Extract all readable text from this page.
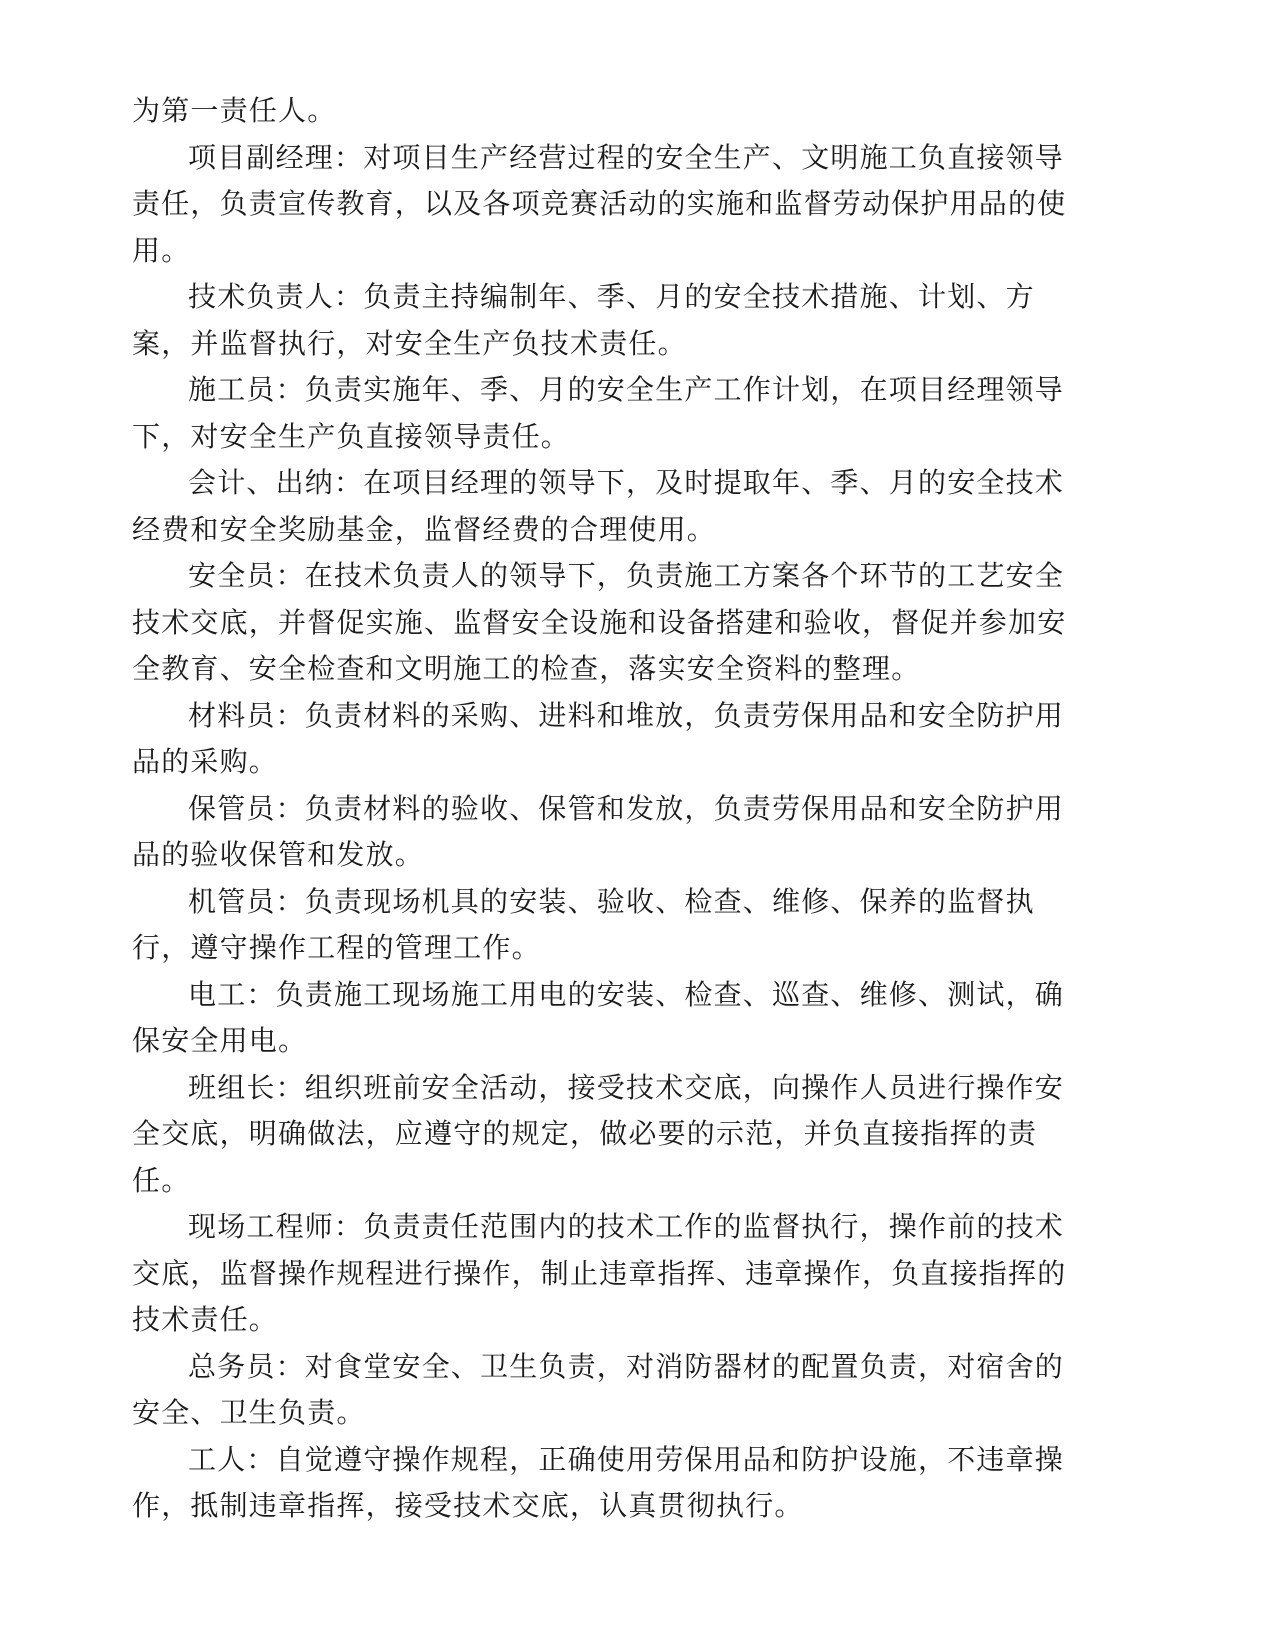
为第一责任人。

项目副经理：对项目生产经营过程的安全生产、文明施工负直接领导责任，负责宣传教育，以及各项竞赛活动的实施和监督劳动保护用品的使用。

技术负责人：负责主持编制年、季、月的安全技术措施、计划、方案，并监督执行，对安全生产负技术责任。

施工员：负责实施年、季、月的安全生产工作计划，在项目经理领导下，对安全生产负直接领导责任。

会计、出纳：在项目经理的领导下，及时提取年、季、月的安全技术经费和安全奖励基金，监督经费的合理使用。

安全员：在技术负责人的领导下，负责施工方案各个环节的工艺安全技术交底，并督促实施、监督安全设施和设备搭建和验收，督促并参加安全教育、安全检查和文明施工的检查，落实安全资料的整理。

材料员：负责材料的采购、进料和堆放，负责劳保用品和安全防护用品的采购。

保管员：负责材料的验收、保管和发放，负责劳保用品和安全防护用品的验收保管和发放。

机管员：负责现场机具的安装、验收、检查、维修、保养的监督执行，遵守操作工程的管理工作。

电工：负责施工现场施工用电的安装、检查、巡查、维修、测试，确保安全用电。

班组长：组织班前安全活动，接受技术交底，向操作人员进行操作安全交底，明确做法，应遵守的规定，做必要的示范，并负直接指挥的责任。

现场工程师：负责责任范围内的技术工作的监督执行，操作前的技术交底，监督操作规程进行操作，制止违章指挥、违章操作，负直接指挥的技术责任。

总务员：对食堂安全、卫生负责，对消防器材的配置负责，对宿舍的安全、卫生负责。

工人：自觉遵守操作规程，正确使用劳保用品和防护设施，不违章操作，抵制违章指挥，接受技术交底，认真贯彻执行。
